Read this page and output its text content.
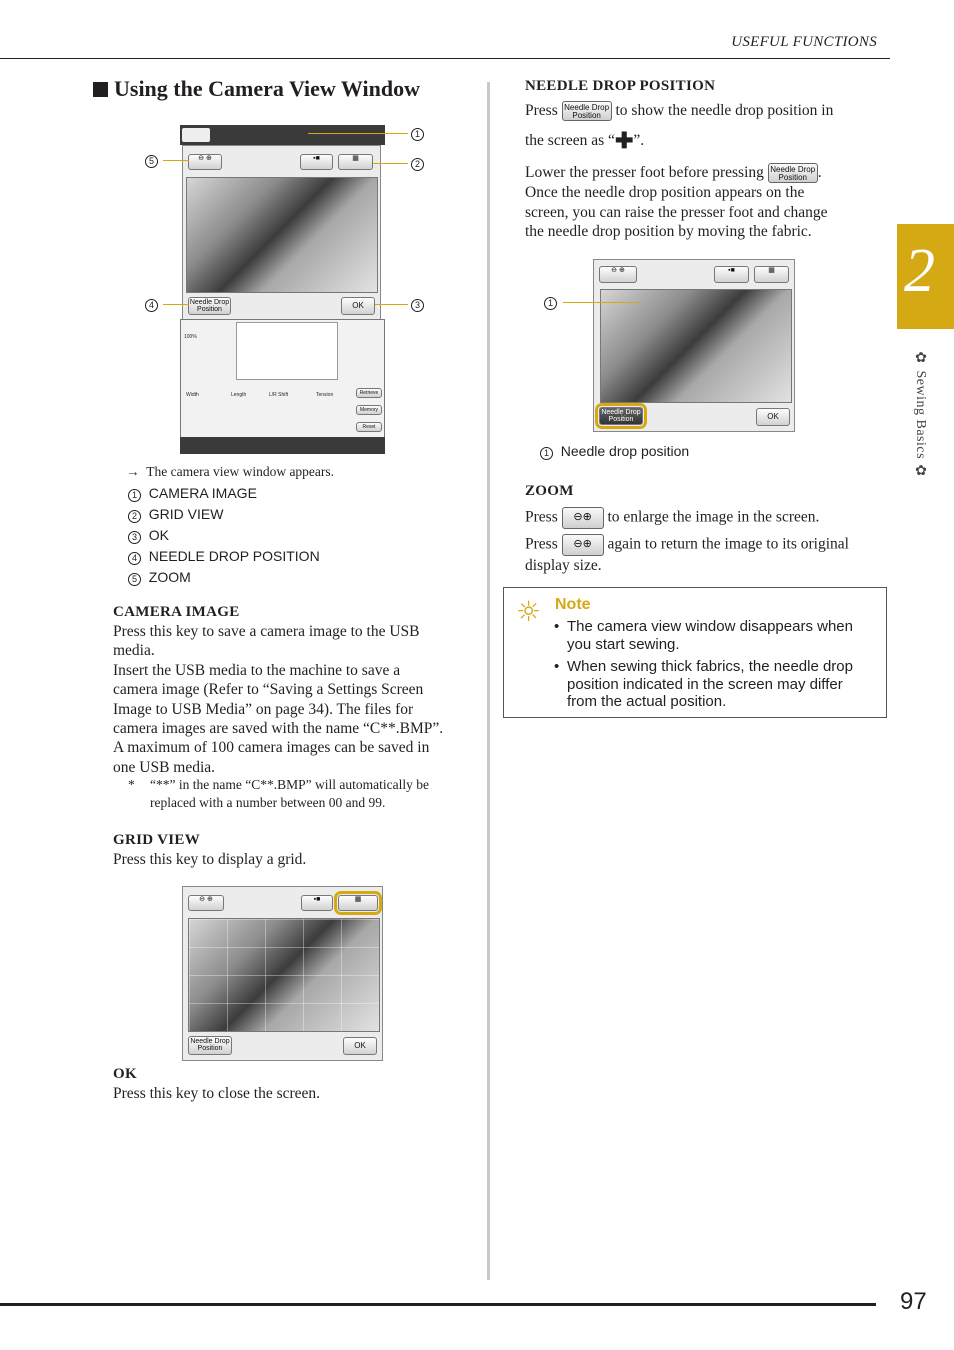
USEFUL FUNCTIONS
97
2
✿ Sewing Basics ✿
Using the Camera View Window
⊖ ⊕	▪■	▦
Needle Drop
Position	OK
100%
Width	Length	L/R Shift	Tension	Retrieve
Memory
Reset
1
2
5
4	3
→  The camera view window appears.
1 CAMERA IMAGE
2 GRID VIEW
3 OK
4 NEEDLE DROP POSITION
5 ZOOM
CAMERA IMAGE
Press this key to save a camera image to the USB
media.
Insert the USB media to the machine to save a
camera image (Refer to “Saving a Settings Screen
Image to USB Media” on page 34). The files for
camera images are saved with the name “C**.BMP”.
A maximum of 100 camera images can be saved in
one USB media.
* “**” in the name “C**.BMP” will automatically be
replaced with a number between 00 and 99.
GRID VIEW
Press this key to display a grid.
⊖ ⊕	▪■	▦
Needle Drop
Position	OK
OK
Press this key to close the screen.
NEEDLE DROP POSITION
Press Needle Drop
Position to show the needle drop position in
the screen as “✚”.
Lower the presser foot before pressing Needle Drop
Position .
Once the needle drop position appears on the
screen, you can raise the presser foot and change
the needle drop position by moving the fabric.
⊖ ⊕	▪■	▦
Needle Drop
Position	OK
1
1 Needle drop position
ZOOM
Press ⊖⊕ to enlarge the image in the screen.
Press ⊖⊕ again to return the image to its original
display size.
☼ Note
• The camera view window disappears when
you start sewing.
• When sewing thick fabrics, the needle drop
position indicated in the screen may differ
from the actual position.
